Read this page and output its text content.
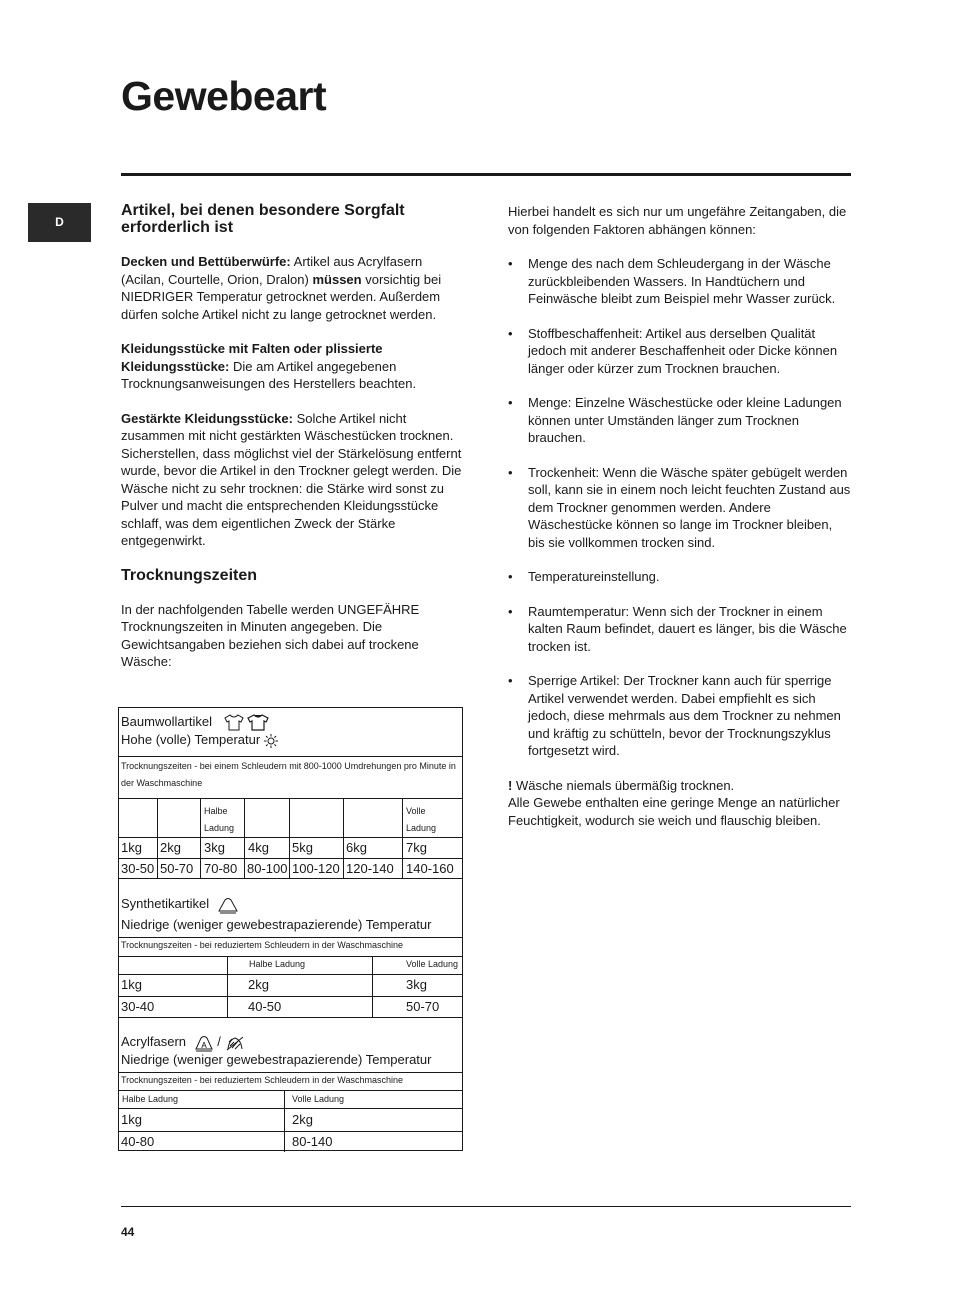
Gewebeart
D
Artikel, bei denen besondere Sorgfalt erforderlich ist

Decken und Bettüberwürfe: Artikel aus Acrylfasern (Acilan, Courtelle, Orion, Dralon) müssen vorsichtig bei NIEDRIGER Temperatur getrocknet werden. Außerdem dürfen solche Artikel nicht zu lange getrocknet werden.

Kleidungsstücke mit Falten oder plissierte Kleidungsstücke: Die am Artikel angegebenen Trocknungsanweisungen des Herstellers beachten.

Gestärkte Kleidungsstücke: Solche Artikel nicht zusammen mit nicht gestärkten Wäschestücken trocknen. Sicherstellen, dass möglichst viel der Stärkelösung entfernt wurde, bevor die Artikel in den Trockner gelegt werden. Die Wäsche nicht zu sehr trocknen: die Stärke wird sonst zu Pulver und macht die entsprechenden Kleidungsstücke schlaff, was dem eigentlichen Zweck der Stärke entgegenwirkt.

Trocknungszeiten

In der nachfolgenden Tabelle werden UNGEFÄHRE Trocknungszeiten in Minuten angegeben. Die Gewichtsangaben beziehen sich dabei auf trockene Wäsche:

Baumwollartikel
Hohe (volle) Temperatur
Trocknungszeiten - bei einem Schleudern mit 800-1000 Umdrehungen pro Minute in der Waschmaschine
Halbe
Ladung
Volle
Ladung
1kg 2kg 3kg 4kg 5kg	6kg	7kg
30-50 50-70 70-80 80-100 100-120 120-140 140-160
Synthetikartikel
Niedrige (weniger gewebestrapazierende) Temperatur
Trocknungszeiten - bei reduziertem Schleudern in der Waschmaschine
Halbe Ladung	Volle Ladung
1kg	2kg	3kg
30-40	40-50	50-70
Acrylfasern A /
Niedrige (weniger gewebestrapazierende) Temperatur
Trocknungszeiten - bei reduziertem Schleudern in der Waschmaschine
Halbe Ladung	Volle Ladung
1kg	2kg
40-80	80-140

Hierbei handelt es sich nur um ungefähre Zeitangaben, die von folgenden Faktoren abhängen können:

• Menge des nach dem Schleudergang in der Wäsche zurückbleibenden Wassers. In Handtüchern und Feinwäsche bleibt zum Beispiel mehr Wasser zurück.
• Stoffbeschaffenheit: Artikel aus derselben Qualität jedoch mit anderer Beschaffenheit oder Dicke können länger oder kürzer zum Trocknen brauchen.
• Menge: Einzelne Wäschestücke oder kleine Ladungen können unter Umständen länger zum Trocknen brauchen.
• Trockenheit: Wenn die Wäsche später gebügelt werden soll, kann sie in einem noch leicht feuchten Zustand aus dem Trockner genommen werden. Andere Wäschestücke können so lange im Trockner bleiben, bis sie vollkommen trocken sind.
• Temperatureinstellung.
• Raumtemperatur: Wenn sich der Trockner in einem kalten Raum befindet, dauert es länger, bis die Wäsche trocken ist.
• Sperrige Artikel: Der Trockner kann auch für sperrige Artikel verwendet werden. Dabei empfiehlt es sich jedoch, diese mehrmals aus dem Trockner zu nehmen und kräftig zu schütteln, bevor der Trocknungszyklus fortgesetzt wird.

! Wäsche niemals übermäßig trocknen.

Alle Gewebe enthalten eine geringe Menge an natürlicher Feuchtigkeit, wodurch sie weich und flauschig bleiben.

44
